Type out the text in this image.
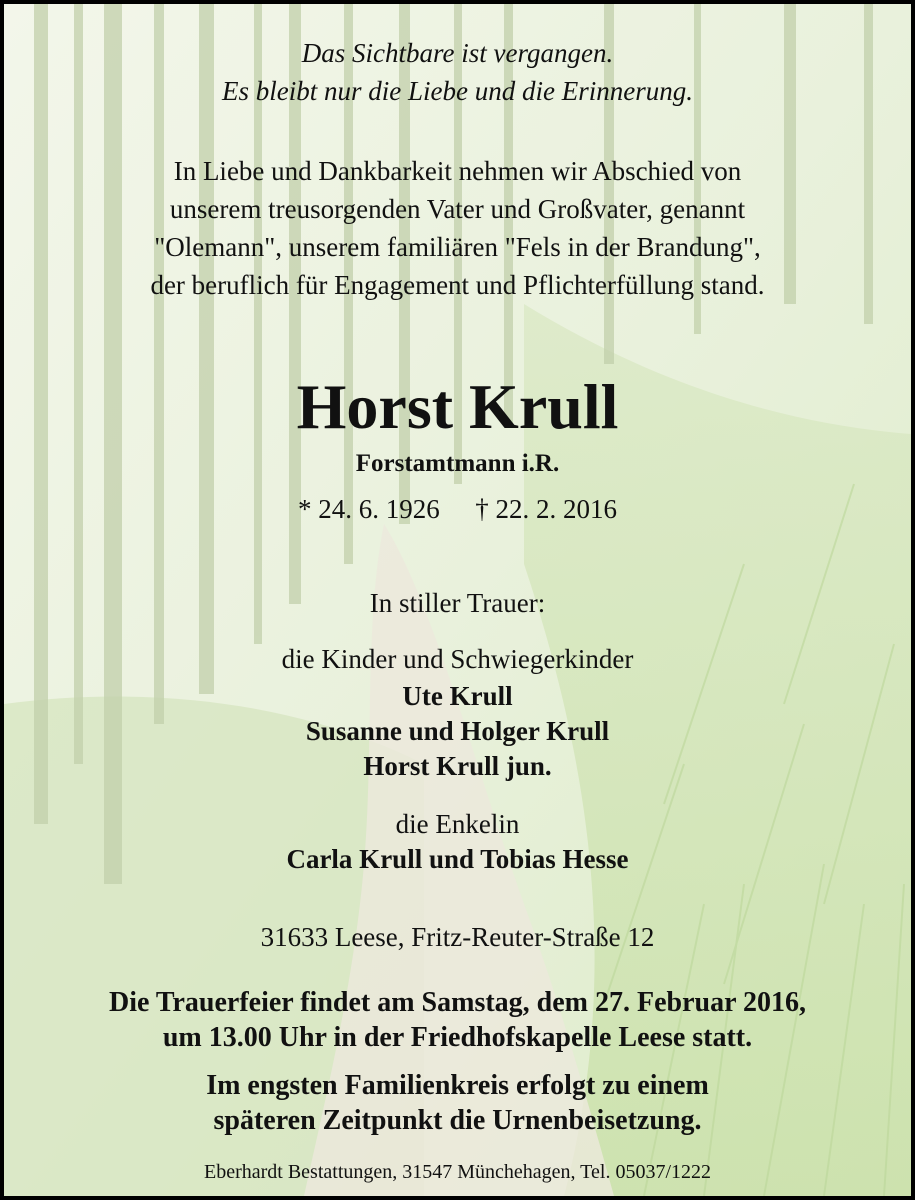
Das Sichtbare ist vergangen.
Es bleibt nur die Liebe und die Erinnerung.
In Liebe und Dankbarkeit nehmen wir Abschied von
unserem treusorgenden Vater und Großvater, genannt
"Olemann", unserem familiären "Fels in der Brandung",
der beruflich für Engagement und Pflichterfüllung stand.
Horst Krull
Forstamtmann i.R.
* 24. 6. 1926 † 22. 2. 2016
In stiller Trauer:
die Kinder und Schwiegerkinder
Ute Krull
Susanne und Holger Krull
Horst Krull jun.
die Enkelin
Carla Krull und Tobias Hesse
31633 Leese, Fritz-Reuter-Straße 12
Die Trauerfeier findet am Samstag, dem 27. Februar 2016,
um 13.00 Uhr in der Friedhofskapelle Leese statt.
Im engsten Familienkreis erfolgt zu einem
späteren Zeitpunkt die Urnenbeisetzung.
Eberhardt Bestattungen, 31547 Münchehagen, Tel. 05037/1222
